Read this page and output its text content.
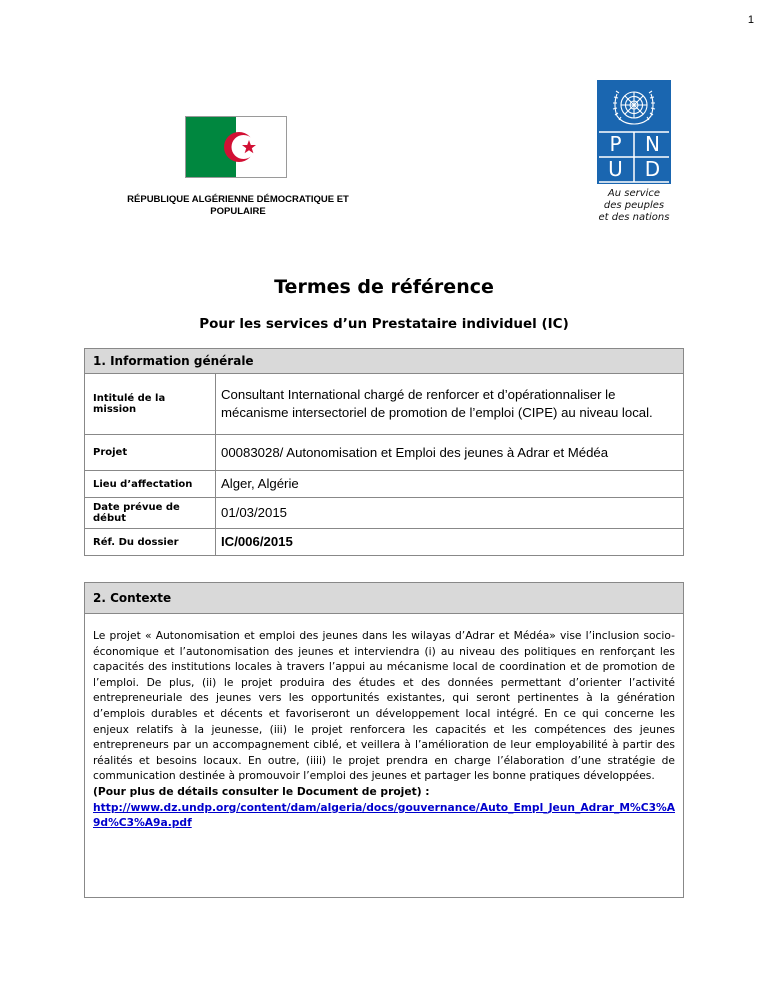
1
RÉPUBLIQUE ALGÉRIENNE DÉMOCRATIQUE ET POPULAIRE
P	N
U	D
Au service
des peuples
et des nations
Termes de référence
Pour les services d’un Prestataire individuel (IC)
1. Information générale	
Intitulé de la mission	Consultant International chargé de renforcer et d’opérationnaliser le mécanisme intersectoriel de promotion de l’emploi (CIPE) au niveau local.
Projet	00083028/ Autonomisation et Emploi des jeunes à Adrar et Médéa
Lieu d’affectation	Alger, Algérie
Date prévue de début	01/03/2015
Réf. Du dossier	IC/006/2015
2. Contexte

Le projet « Autonomisation et emploi des jeunes dans les wilayas d’Adrar et Médéa» vise l’inclusion socio-économique et l’autonomisation des jeunes et interviendra (i) au niveau des politiques en renforçant les capacités des institutions locales à travers l’appui au mécanisme local de coordination et de promotion de l’emploi. De plus, (ii) le projet produira des études et des données permettant d’orienter l’activité entrepreneuriale des jeunes vers les opportunités existantes, qui seront pertinentes à la génération d’emplois durables et décents et favoriseront un développement local intégré. En ce qui concerne les enjeux relatifs à la jeunesse, (iii) le projet renforcera les capacités et les compétences des jeunes entrepreneurs par un accompagnement ciblé, et veillera à l’amélioration de leur employabilité à partir des réalités et besoins locaux. En outre, (iiii) le projet prendra en charge l’élaboration d’une stratégie de communication destinée à promouvoir l’emploi des jeunes et partager les bonne pratiques développées.

(Pour plus de détails consulter le Document de projet) :

http://www.dz.undp.org/content/dam/algeria/docs/gouvernance/Auto_Empl_Jeun_Adrar_M%C3%A9d%C3%A9a.pdf
